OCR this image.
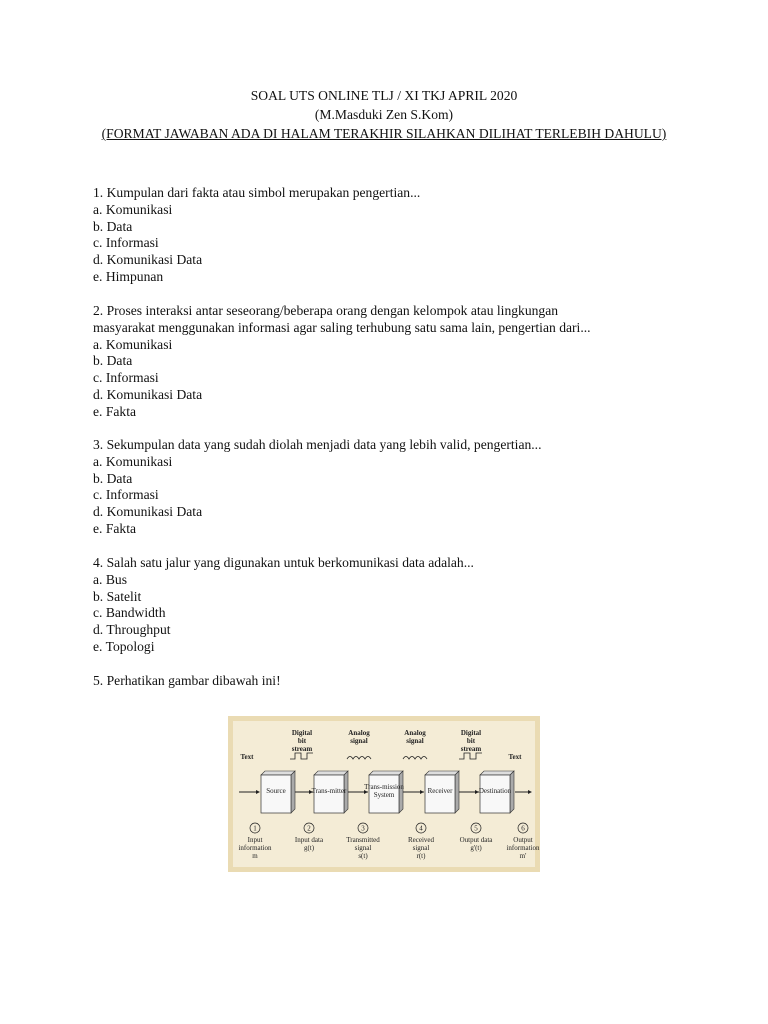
SOAL UTS ONLINE TLJ / XI TKJ APRIL 2020
(M.Masduki Zen S.Kom)
(FORMAT JAWABAN ADA DI HALAM TERAKHIR SILAHKAN DILIHAT TERLEBIH DAHULU)
1. Kumpulan dari fakta atau simbol merupakan pengertian...
a. Komunikasi
b. Data
c. Informasi
d. Komunikasi Data
e. Himpunan
2. Proses interaksi antar seseorang/beberapa orang dengan kelompok atau lingkungan
masyarakat menggunakan informasi agar saling terhubung satu sama lain, pengertian dari...
a. Komunikasi
b. Data
c. Informasi
d. Komunikasi Data
e. Fakta
3. Sekumpulan data yang sudah diolah menjadi data yang lebih valid, pengertian...
a. Komunikasi
b. Data
c. Informasi
d. Komunikasi Data
e. Fakta
4. Salah satu jalur yang digunakan untuk berkomunikasi data adalah...
a. Bus
b. Satelit
c. Bandwidth
d. Throughput
e. Topologi
5. Perhatikan gambar dibawah ini!
Source	Trans-mitter	Trans-mission
System	Receiver	Destination
Text	Text
Digital
bit
stream
Analog
signal
Analog
signal
Digital
bit
stream
1
Input
information
m
2
Input data
g(t)
3
Transmitted
signal
s(t)
4
Received
signal
r(t)
5
Output data
g'(t)
6
Output
information
m'
